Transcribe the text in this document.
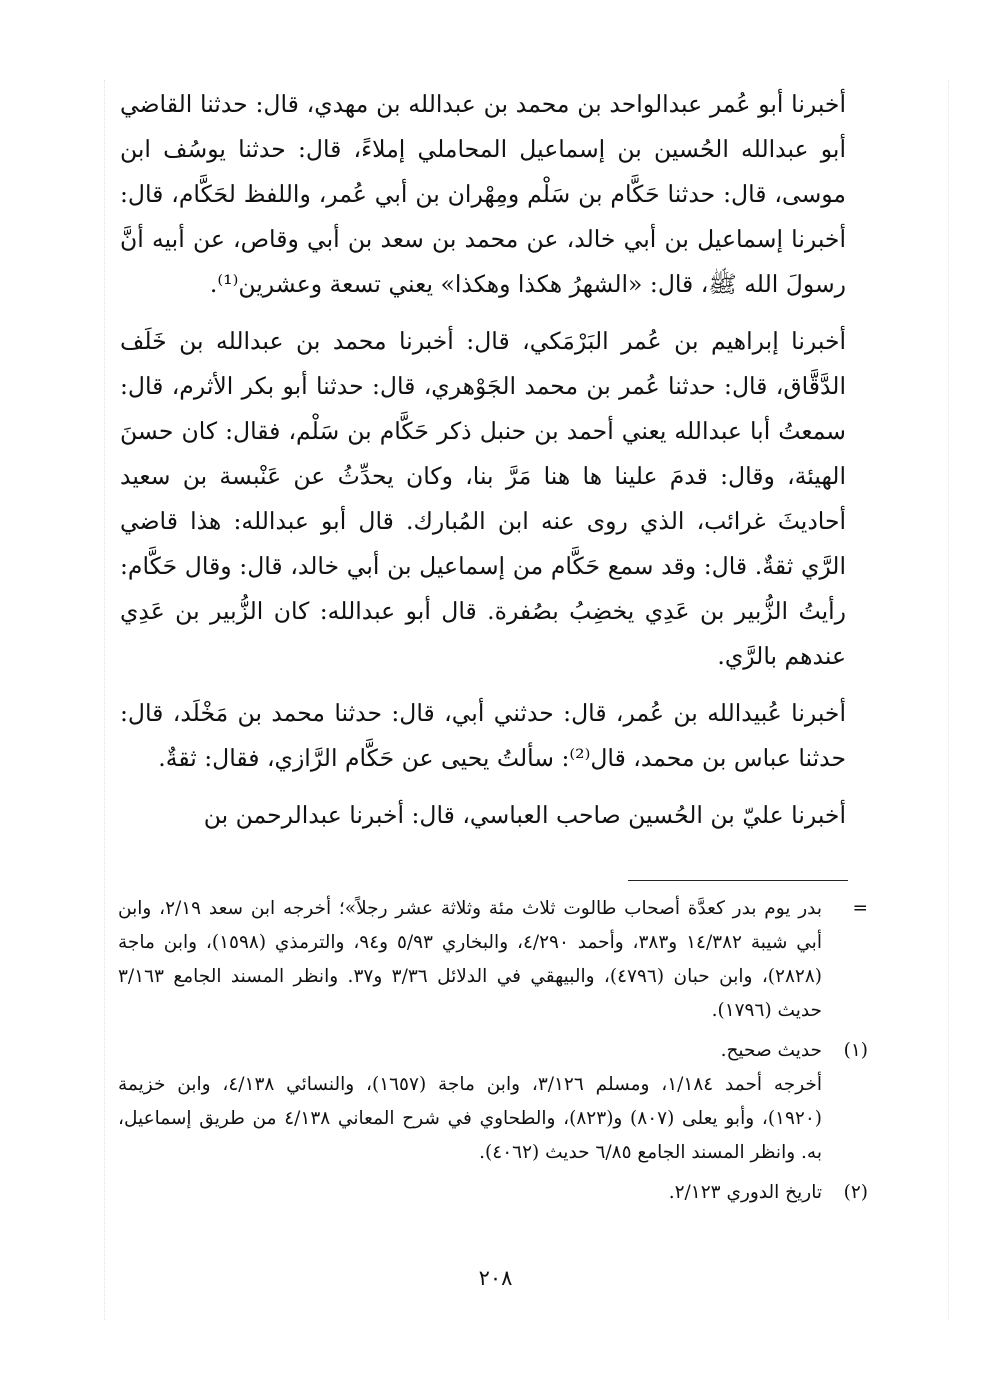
أخبرنا أبو عُمر عبدالواحد بن محمد بن عبدالله بن مهدي، قال: حدثنا القاضي أبو عبدالله الحُسين بن إسماعيل المحاملي إملاءً، قال: حدثنا يوسُف ابن موسى، قال: حدثنا حَكَّام بن سَلْم ومِهْران بن أبي عُمر، واللفظ لحَكَّام، قال: أخبرنا إسماعيل بن أبي خالد، عن محمد بن سعد بن أبي وقاص، عن أبيه أنَّ رسولَ الله ﷺ، قال: «الشهرُ هكذا وهكذا» يعني تسعة وعشرين⁽¹⁾.

أخبرنا إبراهيم بن عُمر البَرْمَكي، قال: أخبرنا محمد بن عبدالله بن خَلَف الدَّقَّاق، قال: حدثنا عُمر بن محمد الجَوْهري، قال: حدثنا أبو بكر الأثرم، قال: سمعتُ أبا عبدالله يعني أحمد بن حنبل ذكر حَكَّام بن سَلْم، فقال: كان حسنَ الهيئة، وقال: قدمَ علينا ها هنا مَرَّ بنا، وكان يحدِّثُ عن عَنْبسة بن سعيد أحاديثَ غرائب، الذي روى عنه ابن المُبارك. قال أبو عبدالله: هذا قاضي الرَّي ثقةٌ. قال: وقد سمع حَكَّام من إسماعيل بن أبي خالد، قال: وقال حَكَّام: رأيتُ الزُّبير بن عَدِي يخضِبُ بصُفرة. قال أبو عبدالله: كان الزُّبير بن عَدِي عندهم بالرَّي.

أخبرنا عُبيدالله بن عُمر، قال: حدثني أبي، قال: حدثنا محمد بن مَخْلَد، قال: حدثنا عباس بن محمد، قال⁽²⁾: سألتُ يحيى عن حَكَّام الرَّازي، فقال: ثقةٌ.

أخبرنا عليّ بن الحُسين صاحب العباسي، قال: أخبرنا عبدالرحمن بن

=
بدر يوم بدر كعدَّة أصحاب طالوت ثلاث مئة وثلاثة عشر رجلاً»؛ أخرجه ابن سعد ٢/١٩، وابن أبي شيبة ١٤/٣٨٢ و٣٨٣، وأحمد ٤/٢٩٠، والبخاري ٥/٩٣ و٩٤، والترمذي (١٥٩٨)، وابن ماجة (٢٨٢٨)، وابن حبان (٤٧٩٦)، والبيهقي في الدلائل ٣/٣٦ و٣٧. وانظر المسند الجامع ٣/١٦٣ حديث (١٧٩٦).
(١)
حديث صحيح.
أخرجه أحمد ١/١٨٤، ومسلم ٣/١٢٦، وابن ماجة (١٦٥٧)، والنسائي ٤/١٣٨، وابن خزيمة (١٩٢٠)، وأبو يعلى (٨٠٧) و(٨٢٣)، والطحاوي في شرح المعاني ٤/١٣٨ من طريق إسماعيل، به. وانظر المسند الجامع ٦/٨٥ حديث (٤٠٦٢).
(٢)
تاريخ الدوري ٢/١٢٣.
٢٠٨
